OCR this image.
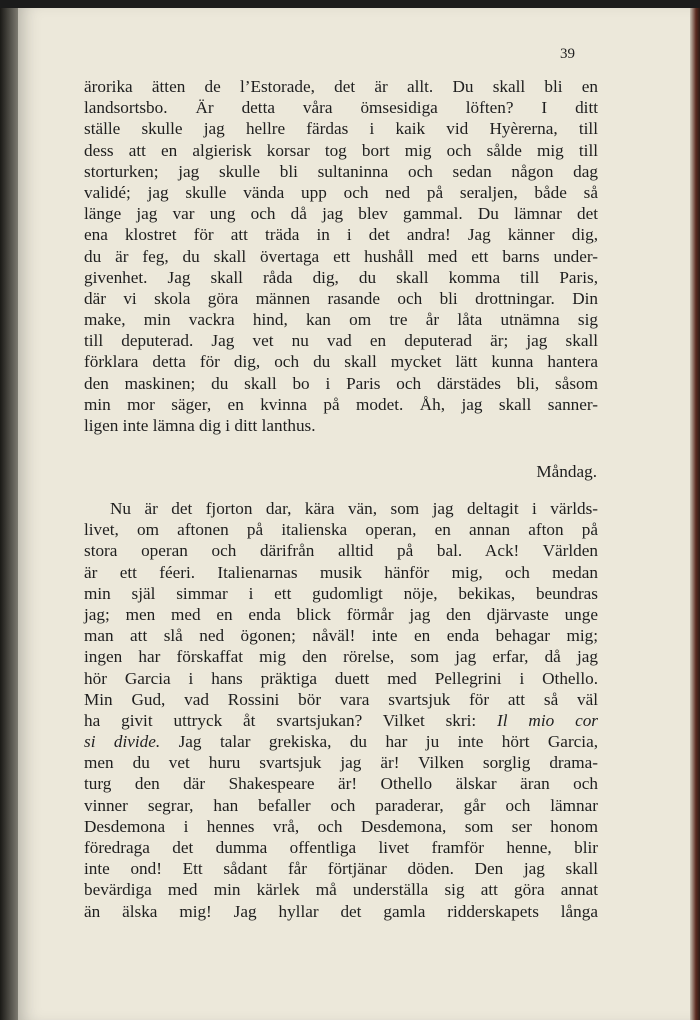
39
ärorika ätten de l’Estorade, det är allt. Du skall bli en
landsortsbo. Är detta våra ömsesidiga löften? I ditt
ställe skulle jag hellre färdas i kaik vid Hyèrerna, till
dess att en algierisk korsar tog bort mig och sålde mig till
storturken; jag skulle bli sultaninna och sedan någon dag
validé; jag skulle vända upp och ned på seraljen, både så
länge jag var ung och då jag blev gammal. Du lämnar det
ena klostret för att träda in i det andra! Jag känner dig,
du är feg, du skall övertaga ett hushåll med ett barns under-
givenhet. Jag skall råda dig, du skall komma till Paris,
där vi skola göra männen rasande och bli drottningar. Din
make, min vackra hind, kan om tre år låta utnämna sig
till deputerad. Jag vet nu vad en deputerad är; jag skall
förklara detta för dig, och du skall mycket lätt kunna hantera
den maskinen; du skall bo i Paris och därstädes bli, såsom
min mor säger, en kvinna på modet. Åh, jag skall sanner-
ligen inte lämna dig i ditt lanthus.
Måndag.
Nu är det fjorton dar, kära vän, som jag deltagit i världs-
livet, om aftonen på italienska operan, en annan afton på
stora operan och därifrån alltid på bal. Ack! Världen
är ett féeri. Italienarnas musik hänför mig, och medan
min själ simmar i ett gudomligt nöje, bekikas, beundras
jag; men med en enda blick förmår jag den djärvaste unge
man att slå ned ögonen; nåväl! inte en enda behagar mig;
ingen har förskaffat mig den rörelse, som jag erfar, då jag
hör Garcia i hans präktiga duett med Pellegrini i Othello.
Min Gud, vad Rossini bör vara svartsjuk för att så väl
ha givit uttryck åt svartsjukan? Vilket skri: Il mio cor
si divide. Jag talar grekiska, du har ju inte hört Garcia,
men du vet huru svartsjuk jag är! Vilken sorglig drama-
turg den där Shakespeare är! Othello älskar äran och
vinner segrar, han befaller och paraderar, går och lämnar
Desdemona i hennes vrå, och Desdemona, som ser honom
föredraga det dumma offentliga livet framför henne, blir
inte ond! Ett sådant får förtjänar döden. Den jag skall
bevärdiga med min kärlek må underställa sig att göra annat
än älska mig! Jag hyllar det gamla ridderskapets långa
